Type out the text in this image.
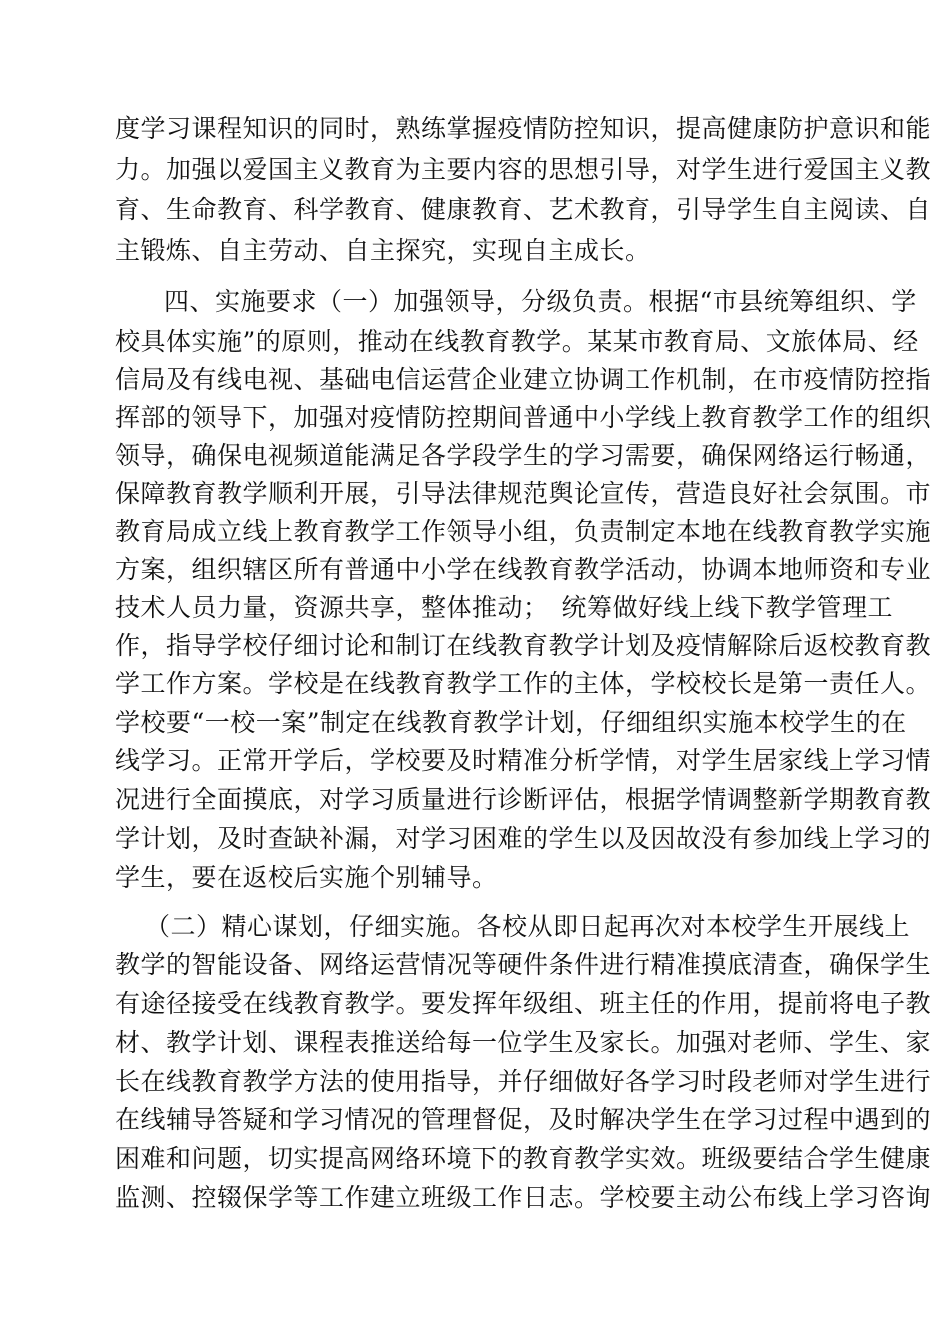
度学习课程知识的同时，熟练掌握疫情防控知识，提高健康防护意识和能
力。加强以爱国主义教育为主要内容的思想引导，对学生进行爱国主义教
育、生命教育、科学教育、健康教育、艺术教育，引导学生自主阅读、自
主锻炼、自主劳动、自主探究，实现自主成长。
四、实施要求（一）加强领导，分级负责。根据“市县统筹组织、学
校具体实施”的原则，推动在线教育教学。某某市教育局、文旅体局、经
信局及有线电视、基础电信运营企业建立协调工作机制，在市疫情防控指
挥部的领导下，加强对疫情防控期间普通中小学线上教育教学工作的组织
领导，确保电视频道能满足各学段学生的学习需要，确保网络运行畅通，
保障教育教学顺利开展，引导法律规范舆论宣传，营造良好社会氛围。市
教育局成立线上教育教学工作领导小组，负责制定本地在线教育教学实施
方案，组织辖区所有普通中小学在线教育教学活动，协调本地师资和专业
技术人员力量，资源共享，整体推动；　统筹做好线上线下教学管理工
作，指导学校仔细讨论和制订在线教育教学计划及疫情解除后返校教育教
学工作方案。学校是在线教育教学工作的主体，学校校长是第一责任人。
学校要“一校一案”制定在线教育教学计划，仔细组织实施本校学生的在
线学习。正常开学后，学校要及时精准分析学情，对学生居家线上学习情
况进行全面摸底，对学习质量进行诊断评估，根据学情调整新学期教育教
学计划，及时查缺补漏，对学习困难的学生以及因故没有参加线上学习的
学生，要在返校后实施个别辅导。
（二）精心谋划，仔细实施。各校从即日起再次对本校学生开展线上
教学的智能设备、网络运营情况等硬件条件进行精准摸底清查，确保学生
有途径接受在线教育教学。要发挥年级组、班主任的作用，提前将电子教
材、教学计划、课程表推送给每一位学生及家长。加强对老师、学生、家
长在线教育教学方法的使用指导，并仔细做好各学习时段老师对学生进行
在线辅导答疑和学习情况的管理督促，及时解决学生在学习过程中遇到的
困难和问题，切实提高网络环境下的教育教学实效。班级要结合学生健康
监测、控辍保学等工作建立班级工作日志。学校要主动公布线上学习咨询
